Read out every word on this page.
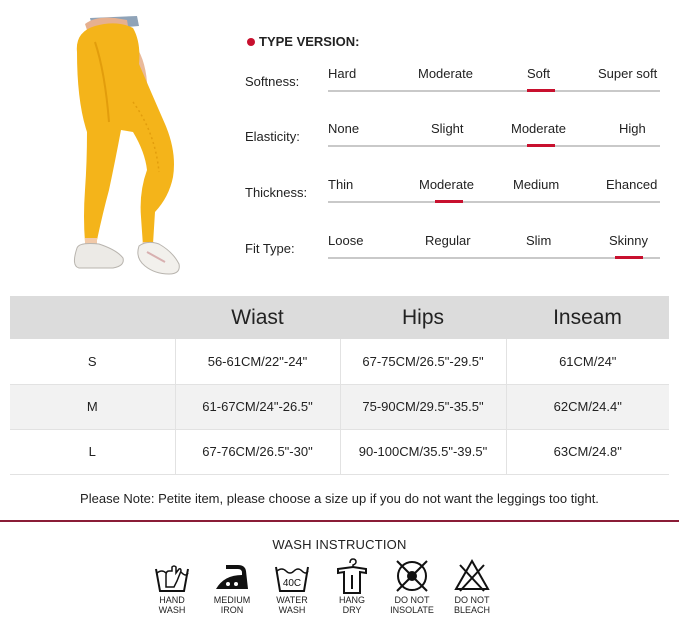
TYPE VERSION:
Softness:
Hard	Moderate	Soft	Super soft
Elasticity:
None	Slight	Moderate	High
Thickness:
Thin	Moderate	Medium	Ehanced
Fit Type:
Loose	Regular	Slim	Skinny
	Wiast	Hips	Inseam
S	56-61CM/22"-24"	67-75CM/26.5"-29.5"	61CM/24"
M	61-67CM/24"-26.5"	75-90CM/29.5"-35.5"	62CM/24.4"
L	67-76CM/26.5"-30"	90-100CM/35.5"-39.5"	63CM/24.8"
Please Note: Petite item, please choose a size up if you do not want the leggings too tight.
WASH INSTRUCTION
HAND
WASH
MEDIUM
IRON
40C
WATER
WASH
HANG
DRY
DO NOT
INSOLATE
DO NOT
BLEACH
